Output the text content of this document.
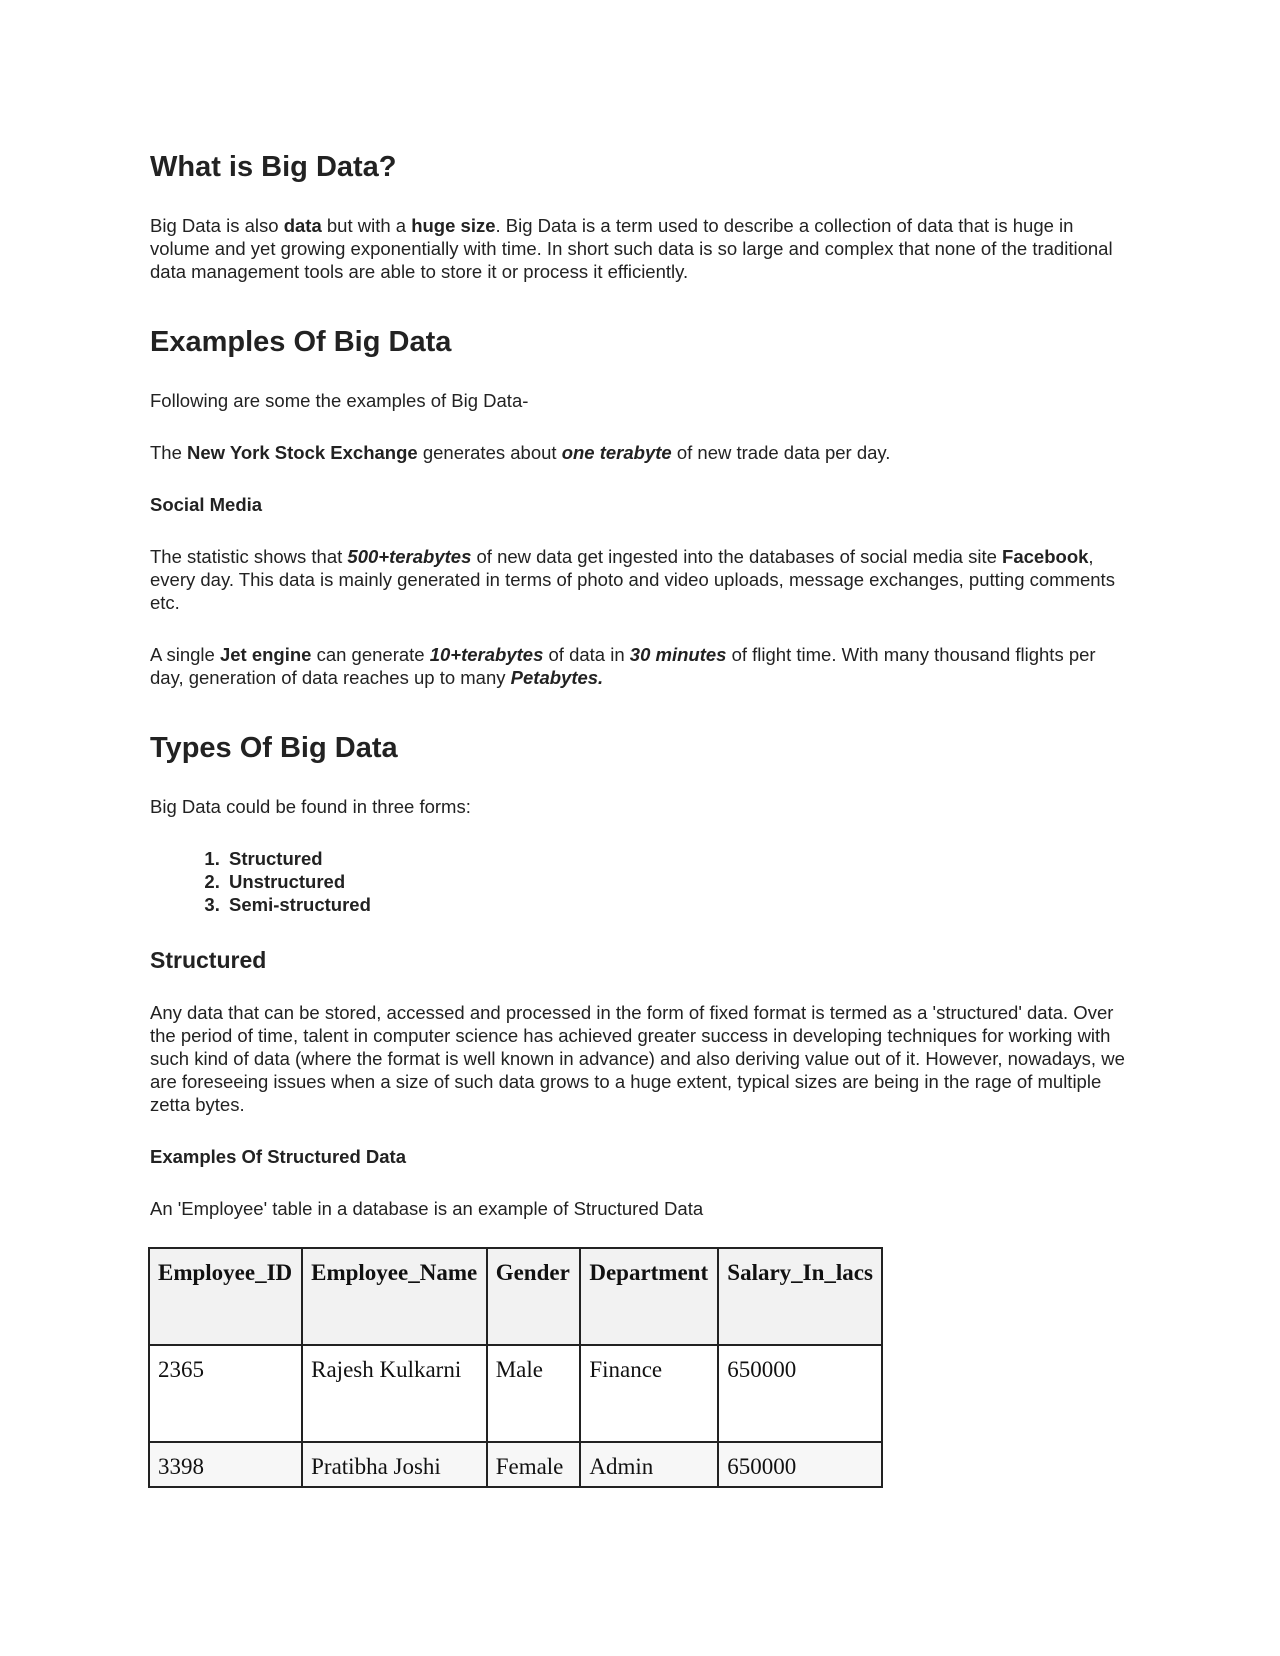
What is Big Data?

Big Data is also data but with a huge size. Big Data is a term used to describe a collection of data that is huge in volume and yet growing exponentially with time. In short such data is so large and complex that none of the traditional data management tools are able to store it or process it efficiently.

Examples Of Big Data

Following are some the examples of Big Data-

The New York Stock Exchange generates about one terabyte of new trade data per day.

Social Media

The statistic shows that 500+terabytes of new data get ingested into the databases of social media site Facebook, every day. This data is mainly generated in terms of photo and video uploads, message exchanges, putting comments etc.

A single Jet engine can generate 10+terabytes of data in 30 minutes of flight time. With many thousand flights per day, generation of data reaches up to many Petabytes.

Types Of Big Data

Big Data could be found in three forms:

1. Structured
2. Unstructured
3. Semi-structured
Structured

Any data that can be stored, accessed and processed in the form of fixed format is termed as a 'structured' data. Over the period of time, talent in computer science has achieved greater success in developing techniques for working with such kind of data (where the format is well known in advance) and also deriving value out of it. However, nowadays, we are foreseeing issues when a size of such data grows to a huge extent, typical sizes are being in the rage of multiple zetta bytes.

Examples Of Structured Data

An 'Employee' table in a database is an example of Structured Data

Employee_ID	Employee_Name	Gender	Department	Salary_In_lacs
2365	Rajesh Kulkarni	Male	Finance	650000
3398	Pratibha Joshi	Female	Admin	650000
